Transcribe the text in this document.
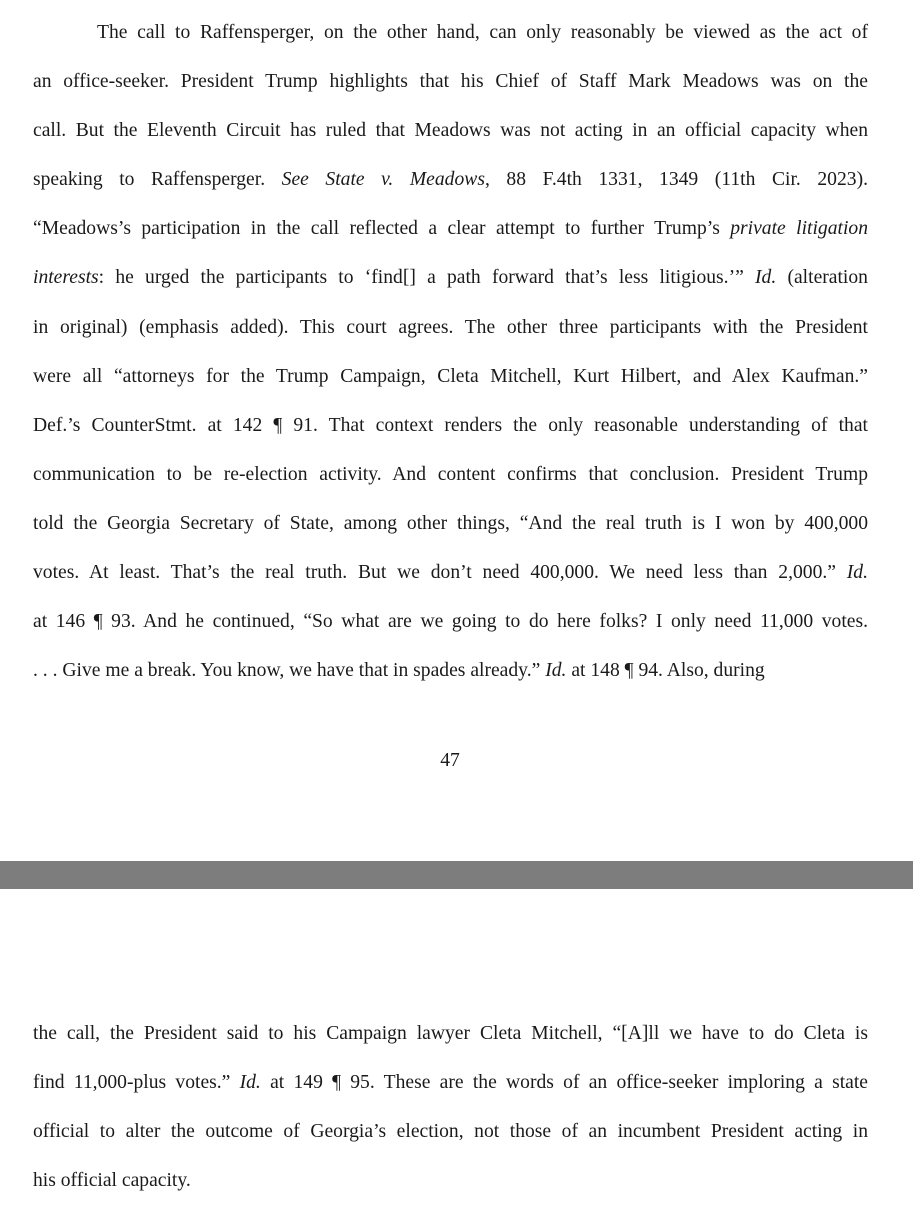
The call to Raffensperger, on the other hand, can only reasonably be viewed as the act of
an office-seeker. President Trump highlights that his Chief of Staff Mark Meadows was on the
call. But the Eleventh Circuit has ruled that Meadows was not acting in an official capacity when
speaking to Raffensperger. See State v. Meadows, 88 F.4th 1331, 1349 (11th Cir. 2023).
“Meadows’s participation in the call reflected a clear attempt to further Trump’s private litigation
interests: he urged the participants to ‘find[] a path forward that’s less litigious.’” Id. (alteration
in original) (emphasis added). This court agrees. The other three participants with the President
were all “attorneys for the Trump Campaign, Cleta Mitchell, Kurt Hilbert, and Alex Kaufman.”
Def.’s CounterStmt. at 142 ¶ 91. That context renders the only reasonable understanding of that
communication to be re-election activity. And content confirms that conclusion. President Trump
told the Georgia Secretary of State, among other things, “And the real truth is I won by 400,000
votes. At least. That’s the real truth. But we don’t need 400,000. We need less than 2,000.” Id.
at 146 ¶ 93. And he continued, “So what are we going to do here folks? I only need 11,000 votes.
. . . Give me a break. You know, we have that in spades already.” Id. at 148 ¶ 94. Also, during
47
the call, the President said to his Campaign lawyer Cleta Mitchell, “[A]ll we have to do Cleta is
find 11,000-plus votes.” Id. at 149 ¶ 95. These are the words of an office-seeker imploring a state
official to alter the outcome of Georgia’s election, not those of an incumbent President acting in
his official capacity.
